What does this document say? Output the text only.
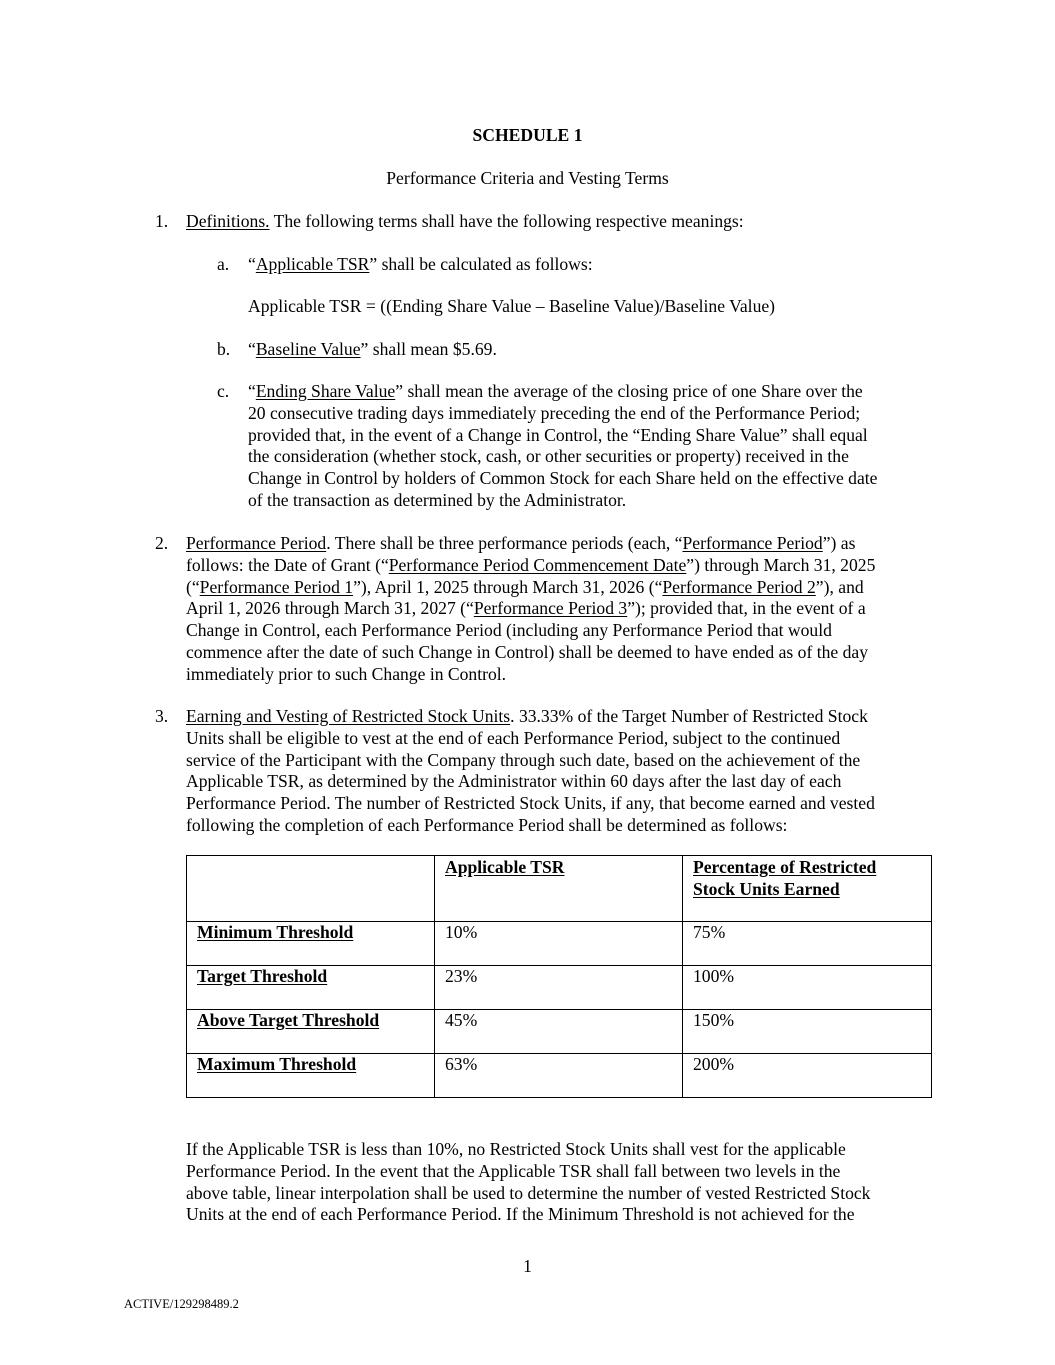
SCHEDULE 1
Performance Criteria and Vesting Terms
1. Definitions. The following terms shall have the following respective meanings:
a. “Applicable TSR” shall be calculated as follows:
Applicable TSR = ((Ending Share Value – Baseline Value)/Baseline Value)
b. “Baseline Value” shall mean $5.69.
c. “Ending Share Value” shall mean the average of the closing price of one Share over the
20 consecutive trading days immediately preceding the end of the Performance Period;
provided that, in the event of a Change in Control, the “Ending Share Value” shall equal
the consideration (whether stock, cash, or other securities or property) received in the
Change in Control by holders of Common Stock for each Share held on the effective date
of the transaction as determined by the Administrator.
2. Performance Period. There shall be three performance periods (each, “Performance Period”) as
follows: the Date of Grant (“Performance Period Commencement Date”) through March 31, 2025
(“Performance Period 1”), April 1, 2025 through March 31, 2026 (“Performance Period 2”), and
April 1, 2026 through March 31, 2027 (“Performance Period 3”); provided that, in the event of a
Change in Control, each Performance Period (including any Performance Period that would
commence after the date of such Change in Control) shall be deemed to have ended as of the day
immediately prior to such Change in Control.
3. Earning and Vesting of Restricted Stock Units. 33.33% of the Target Number of Restricted Stock
Units shall be eligible to vest at the end of each Performance Period, subject to the continued
service of the Participant with the Company through such date, based on the achievement of the
Applicable TSR, as determined by the Administrator within 60 days after the last day of each
Performance Period. The number of Restricted Stock Units, if any, that become earned and vested
following the completion of each Performance Period shall be determined as follows:
	Applicable TSR	Percentage of Restricted
Stock Units Earned
Minimum Threshold	10%	75%
Target Threshold	23%	100%
Above Target Threshold	45%	150%
Maximum Threshold	63%	200%
If the Applicable TSR is less than 10%, no Restricted Stock Units shall vest for the applicable
Performance Period. In the event that the Applicable TSR shall fall between two levels in the
above table, linear interpolation shall be used to determine the number of vested Restricted Stock
Units at the end of each Performance Period. If the Minimum Threshold is not achieved for the
1
ACTIVE/129298489.2
